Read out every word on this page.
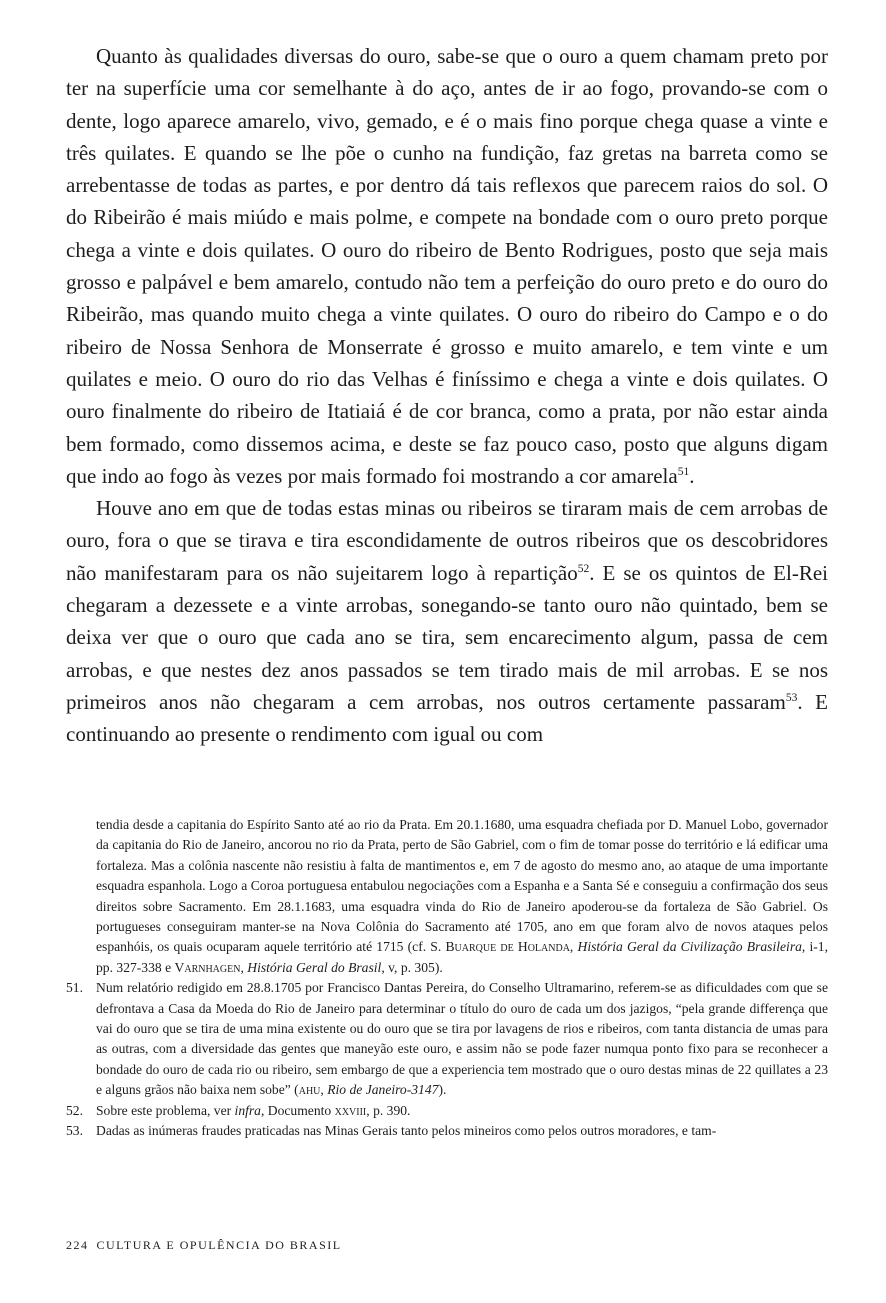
Quanto às qualidades diversas do ouro, sabe-se que o ouro a quem chamam preto por ter na superfície uma cor semelhante à do aço, antes de ir ao fogo, provando-se com o dente, logo aparece amarelo, vivo, gemado, e é o mais fino porque chega quase a vinte e três quilates. E quando se lhe põe o cunho na fundição, faz gretas na barreta como se arrebentasse de todas as partes, e por dentro dá tais reflexos que parecem raios do sol. O do Ribeirão é mais miúdo e mais polme, e compete na bondade com o ouro preto porque chega a vinte e dois quilates. O ouro do ribeiro de Bento Rodrigues, posto que seja mais grosso e palpável e bem amarelo, contudo não tem a perfeição do ouro preto e do ouro do Ribeirão, mas quando muito chega a vinte quilates. O ouro do ribeiro do Campo e o do ribeiro de Nossa Senhora de Monserrate é grosso e muito amarelo, e tem vinte e um quilates e meio. O ouro do rio das Velhas é finíssimo e chega a vinte e dois quilates. O ouro finalmente do ribeiro de Itatiaiá é de cor branca, como a prata, por não estar ainda bem formado, como dissemos acima, e deste se faz pouco caso, posto que alguns digam que indo ao fogo às vezes por mais formado foi mostrando a cor amarela$^{51}$.

Houve ano em que de todas estas minas ou ribeiros se tiraram mais de cem arrobas de ouro, fora o que se tirava e tira escondidamente de outros ribeiros que os descobridores não manifestaram para os não sujeitarem logo à repartição$^{52}$. E se os quintos de El-Rei chegaram a dezessete e a vinte arrobas, sonegando-se tanto ouro não quintado, bem se deixa ver que o ouro que cada ano se tira, sem encarecimento algum, passa de cem arrobas, e que nestes dez anos passados se tem tirado mais de mil arrobas. E se nos primeiros anos não chegaram a cem arrobas, nos outros certamente passaram$^{53}$. E continuando ao presente o rendimento com igual ou com

tendia desde a capitania do Espírito Santo até ao rio da Prata. Em 20.1.1680, uma esquadra chefiada por D. Manuel Lobo, governador da capitania do Rio de Janeiro, ancorou no rio da Prata, perto de São Gabriel, com o fim de tomar posse do território e lá edificar uma fortaleza. Mas a colônia nascente não resistiu à falta de mantimentos e, em 7 de agosto do mesmo ano, ao ataque de uma importante esquadra espanhola. Logo a Coroa portuguesa entabulou negociações com a Espanha e a Santa Sé e conseguiu a confirmação dos seus direitos sobre Sacramento. Em 28.1.1683, uma esquadra vinda do Rio de Janeiro apoderou-se da fortaleza de São Gabriel. Os portugueses conseguiram manter-se na Nova Colônia do Sacramento até 1705, ano em que foram alvo de novos ataques pelos espanhóis, os quais ocuparam aquele território até 1715 (cf. S. Buarque de Holanda, História Geral da Civilização Brasileira, i-1, pp. 327-338 e Varnhagen, História Geral do Brasil, v, p. 305).

51. Num relatório redigido em 28.8.1705 por Francisco Dantas Pereira, do Conselho Ultramarino, referem-se as dificuldades com que se defrontava a Casa da Moeda do Rio de Janeiro para determinar o título do ouro de cada um dos jazigos, “pela grande differença que vai do ouro que se tira de uma mina existente ou do ouro que se tira por lavagens de rios e ribeiros, com tanta distancia de umas para as outras, com a diversidade das gentes que maneyão este ouro, e assim não se pode fazer numqua ponto fixo para se reconhecer a bondade do ouro de cada rio ou ribeiro, sem embargo de que a experiencia tem mostrado que o ouro destas minas de 22 quillates a 23 e alguns grãos não baixa nem sobe” (ahu, Rio de Janeiro-3147).

52. Sobre este problema, ver infra, Documento xxviii, p. 390.

53. Dadas as inúmeras fraudes praticadas nas Minas Gerais tanto pelos mineiros como pelos outros moradores, e tam-

224 CULTURA E OPULÊNCIA DO BRASIL
